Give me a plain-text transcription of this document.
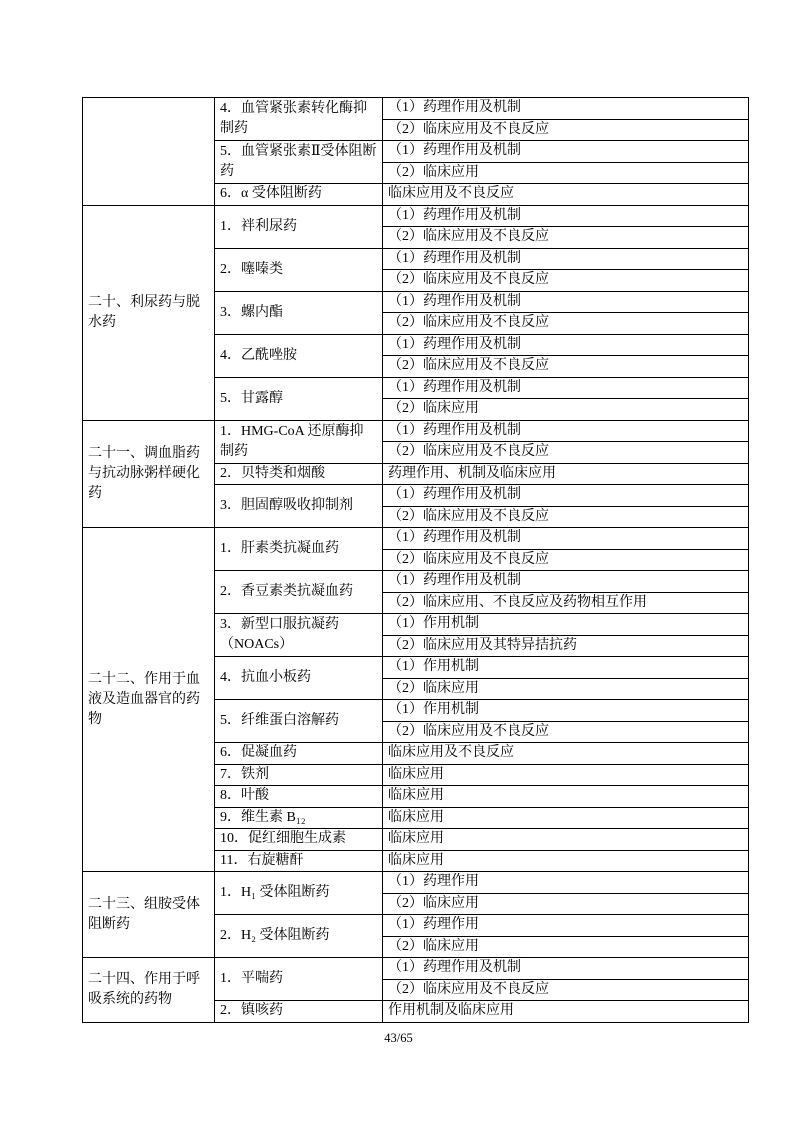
	4．血管紧张素转化酶抑制药	（1）药理作用及机制
		（2）临床应用及不良反应
	5．血管紧张素Ⅱ受体阻断药	（1）药理作用及机制
		（2）临床应用
	6．α 受体阻断药	临床应用及不良反应
二十、利尿药与脱水药	1．袢利尿药	（1）药理作用及机制
		（2）临床应用及不良反应
	2．噻嗪类	（1）药理作用及机制
		（2）临床应用及不良反应
	3．螺内酯	（1）药理作用及机制
		（2）临床应用及不良反应
	4．乙酰唑胺	（1）药理作用及机制
		（2）临床应用及不良反应
	5．甘露醇	（1）药理作用及机制
		（2）临床应用
二十一、调血脂药与抗动脉粥样硬化药	1．HMG-CoA 还原酶抑制药	（1）药理作用及机制
		（2）临床应用及不良反应
	2．贝特类和烟酸	药理作用、机制及临床应用
	3．胆固醇吸收抑制剂	（1）药理作用及机制
		（2）临床应用及不良反应
二十二、作用于血液及造血器官的药物	1．肝素类抗凝血药	（1）药理作用及机制
		（2）临床应用及不良反应
	2．香豆素类抗凝血药	（1）药理作用及机制
		（2）临床应用、不良反应及药物相互作用
	3．新型口服抗凝药（NOACs）	（1）作用机制
		（2）临床应用及其特异拮抗药
	4．抗血小板药	（1）作用机制
		（2）临床应用
	5．纤维蛋白溶解药	（1）作用机制
		（2）临床应用及不良反应
	6．促凝血药	临床应用及不良反应
	7．铁剂	临床应用
	8．叶酸	临床应用
	9．维生素 B₁₂	临床应用
	10．促红细胞生成素	临床应用
	11．右旋糖酐	临床应用
二十三、组胺受体阻断药	1．H₁ 受体阻断药	（1）药理作用
		（2）临床应用
	2．H₂ 受体阻断药	（1）药理作用
		（2）临床应用
二十四、作用于呼吸系统的药物	1．平喘药	（1）药理作用及机制
		（2）临床应用及不良反应
	2．镇咳药	作用机制及临床应用
43/65
